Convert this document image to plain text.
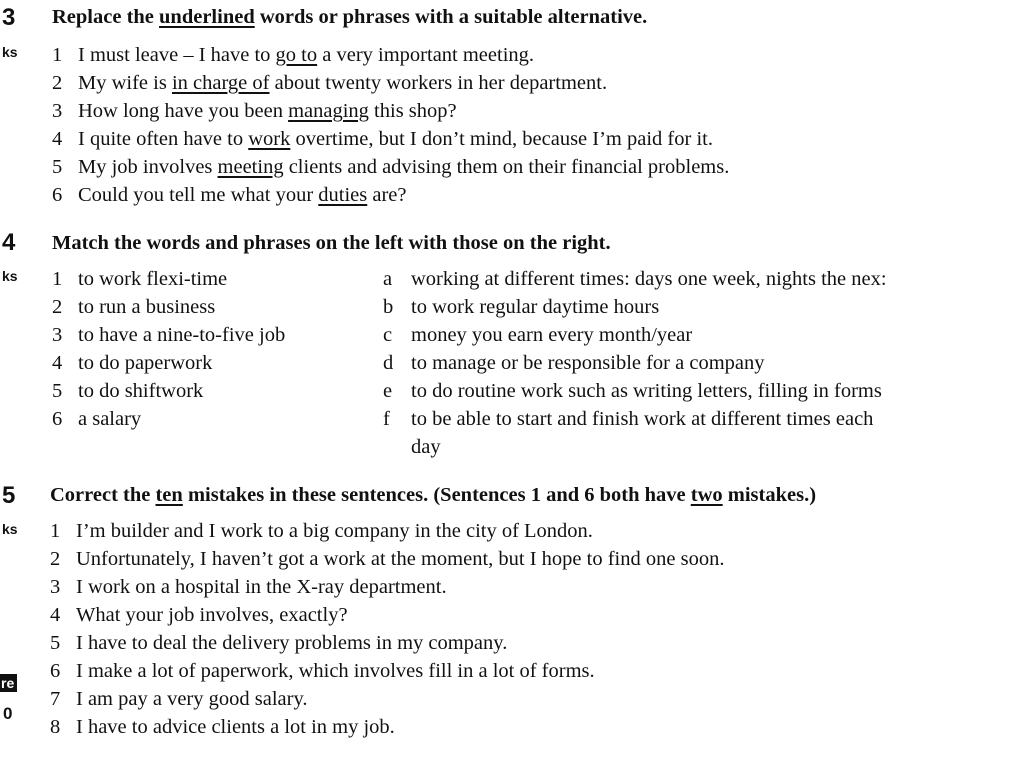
3
ks
Replace the underlined words or phrases with a suitable alternative.
1 I must leave – I have to go to a very important meeting.
2 My wife is in charge of about twenty workers in her department.
3 How long have you been managing this shop?
4 I quite often have to work overtime, but I don’t mind, because I’m paid for it.
5 My job involves meeting clients and advising them on their financial problems.
6 Could you tell me what your duties are?
4
ks
Match the words and phrases on the left with those on the right.
1 to work flexi-time
2 to run a business
3 to have a nine-to-five job
4 to do paperwork
5 to do shiftwork
6 a salary
a working at different times: days one week, nights the nex:
b to work regular daytime hours
c money you earn every month/year
d to manage or be responsible for a company
e to do routine work such as writing letters, filling in forms
f to be able to start and finish work at different times each
day
5
ks
Correct the ten mistakes in these sentences. (Sentences 1 and 6 both have two mistakes.)
1 I’m builder and I work to a big company in the city of London.
2 Unfortunately, I haven’t got a work at the moment, but I hope to find one soon.
3 I work on a hospital in the X-ray department.
4 What your job involves, exactly?
5 I have to deal the delivery problems in my company.
6 I make a lot of paperwork, which involves fill in a lot of forms.
7 I am pay a very good salary.
8 I have to advice clients a lot in my job.
re
0
